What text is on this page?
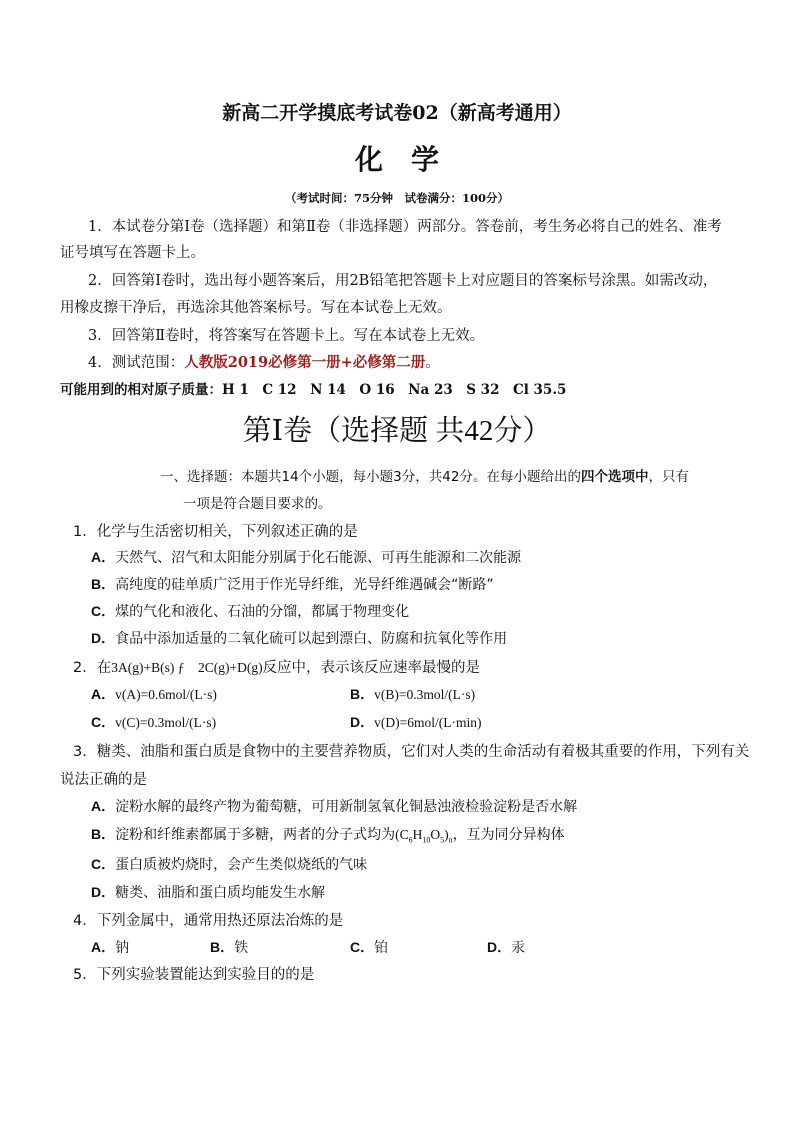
新高二开学摸底考试卷02（新高考通用）
化学
（考试时间：75分钟　试卷满分：100分）
1．本试卷分第Ⅰ卷（选择题）和第Ⅱ卷（非选择题）两部分。答卷前，考生务必将自己的姓名、准考
证号填写在答题卡上。
2．回答第Ⅰ卷时，选出每小题答案后，用2B铅笔把答题卡上对应题目的答案标号涂黑。如需改动，
用橡皮擦干净后，再选涂其他答案标号。写在本试卷上无效。
3．回答第Ⅱ卷时，将答案写在答题卡上。写在本试卷上无效。
4．测试范围：人教版2019必修第一册+必修第二册。
可能用到的相对原子质量：H 1　C 12　N 14　O 16　Na 23　S 32　Cl 35.5
第Ⅰ卷（选择题 共42分）
一、选择题：本题共14个小题，每小题3分，共42分。在每小题给出的四个选项中，只有
一项是符合题目要求的。
1．化学与生活密切相关，下列叙述正确的是
A．天然气、沼气和太阳能分别属于化石能源、可再生能源和二次能源
B．高纯度的硅单质广泛用于作光导纤维，光导纤维遇碱会“断路”
C．煤的气化和液化、石油的分馏，都属于物理变化
D．食品中添加适量的二氧化硫可以起到漂白、防腐和抗氧化等作用
2．在3A(g)+B(s) ƒ　2C(g)+D(g)反应中，表示该反应速率最慢的是
A．v(A)=0.6mol/(L·s)	B．v(B)=0.3mol/(L·s)
C．v(C)=0.3mol/(L·s)	D．v(D)=6mol/(L·min)
3．糖类、油脂和蛋白质是食物中的主要营养物质，它们对人类的生命活动有着极其重要的作用，下列有关
说法正确的是
A．淀粉水解的最终产物为葡萄糖，可用新制氢氧化铜悬浊液检验淀粉是否水解
B．淀粉和纤维素都属于多糖，两者的分子式均为$(C_6H_{10}O_5)_n$，互为同分异构体
C．蛋白质被灼烧时，会产生类似烧纸的气味
D．糖类、油脂和蛋白质均能发生水解
4．下列金属中，通常用热还原法冶炼的是
A．钠	B．铁	C．铂	D．汞
5．下列实验装置能达到实验目的的是
